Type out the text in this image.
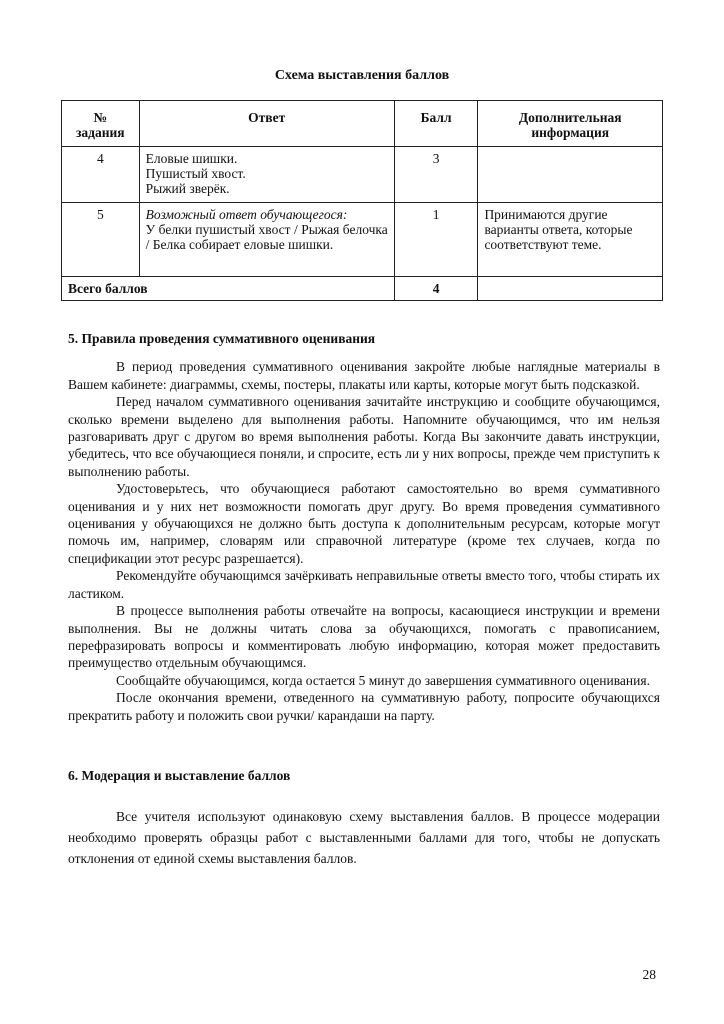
Схема выставления баллов
№ задания	Ответ	Балл	Дополнительная информация
4	Еловые шишки.
Пушистый хвост.
Рыжий зверёк.	3	
5	Возможный ответ обучающегося:
У белки пушистый хвост / Рыжая белочка / Белка собирает еловые шишки.	1	Принимаются другие варианты ответа, которые соответствуют теме.
Всего баллов		4	
5. Правила проведения суммативного оценивания

В период проведения суммативного оценивания закройте любые наглядные материалы в Вашем кабинете: диаграммы, схемы, постеры, плакаты или карты, которые могут быть подсказкой.

Перед началом суммативного оценивания зачитайте инструкцию и сообщите обучающимся, сколько времени выделено для выполнения работы. Напомните обучающимся, что им нельзя разговаривать друг с другом во время выполнения работы. Когда Вы закончите давать инструкции, убедитесь, что все обучающиеся поняли, и спросите, есть ли у них вопросы, прежде чем приступить к выполнению работы.

Удостоверьтесь, что обучающиеся работают самостоятельно во время суммативного оценивания и у них нет возможности помогать друг другу. Во время проведения суммативного оценивания у обучающихся не должно быть доступа к дополнительным ресурсам, которые могут помочь им, например, словарям или справочной литературе (кроме тех случаев, когда по спецификации этот ресурс разрешается).

Рекомендуйте обучающимся зачёркивать неправильные ответы вместо того, чтобы стирать их ластиком.

В процессе выполнения работы отвечайте на вопросы, касающиеся инструкции и времени выполнения. Вы не должны читать слова за обучающихся, помогать с правописанием, перефразировать вопросы и комментировать любую информацию, которая может предоставить преимущество отдельным обучающимся.

Сообщайте обучающимся, когда остается 5 минут до завершения суммативного оценивания.

После окончания времени, отведенного на суммативную работу, попросите обучающихся прекратить работу и положить свои ручки/ карандаши на парту.

6. Модерация и выставление баллов

Все учителя используют одинаковую схему выставления баллов. В процессе модерации необходимо проверять образцы работ с выставленными баллами для того, чтобы не допускать отклонения от единой схемы выставления баллов.

28
